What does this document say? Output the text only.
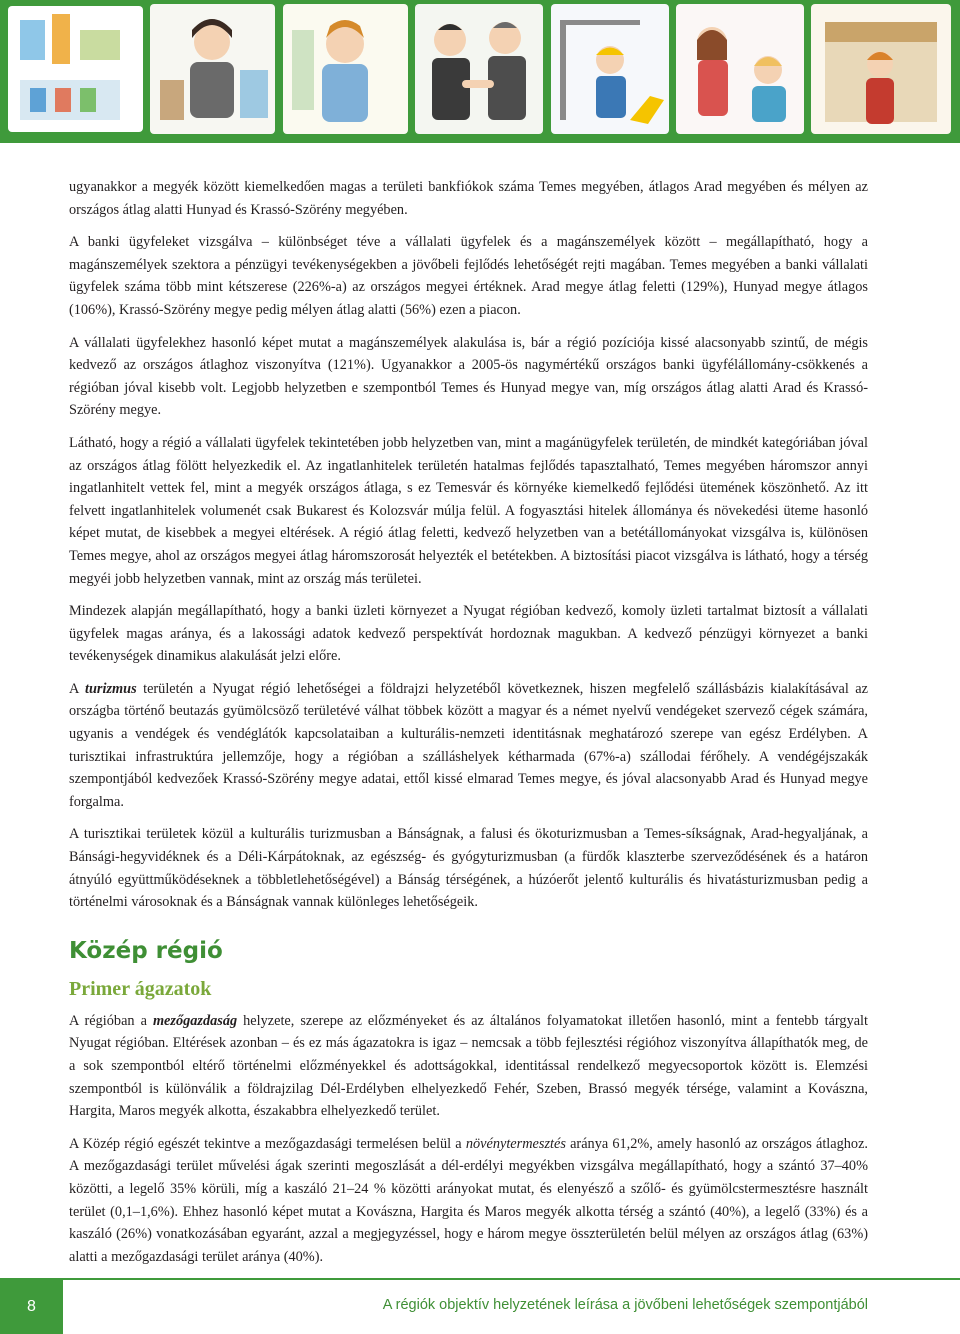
ugyanakkor a megyék között kiemelkedően magas a területi bankfiókok száma Temes megyében, átlagos Arad megyében és mélyen az országos átlag alatti Hunyad és Krassó-Szörény megyében.

A banki ügyfeleket vizsgálva – különbséget téve a vállalati ügyfelek és a magánszemélyek között – megállapítható, hogy a magánszemélyek szektora a pénzügyi tevékenységekben a jövőbeli fejlődés lehetőségét rejti magában. Temes megyében a banki vállalati ügyfelek száma több mint kétszerese (226%-a) az országos megyei értéknek. Arad megye átlag feletti (129%), Hunyad megye átlagos (106%), Krassó-Szörény megye pedig mélyen átlag alatti (56%) ezen a piacon.

A vállalati ügyfelekhez hasonló képet mutat a magánszemélyek alakulása is, bár a régió pozíciója kissé alacsonyabb szintű, de mégis kedvező az országos átlaghoz viszonyítva (121%). Ugyanakkor a 2005-ös nagymértékű országos banki ügyfélállomány-csökkenés a régióban jóval kisebb volt. Legjobb helyzetben e szempontból Temes és Hunyad megye van, míg országos átlag alatti Arad és Krassó-Szörény megye.

Látható, hogy a régió a vállalati ügyfelek tekintetében jobb helyzetben van, mint a magánügyfelek területén, de mindkét kategóriában jóval az országos átlag fölött helyezkedik el. Az ingatlanhitelek területén hatalmas fejlődés tapasztalható, Temes megyében háromszor annyi ingatlanhitelt vettek fel, mint a megyék országos átlaga, s ez Temesvár és környéke kiemelkedő fejlődési ütemének köszönhető. Az itt felvett ingatlanhitelek volumenét csak Bukarest és Kolozsvár múlja felül. A fogyasztási hitelek állománya és növekedési üteme hasonló képet mutat, de kisebbek a megyei eltérések. A régió átlag feletti, kedvező helyzetben van a betétállományokat vizsgálva is, különösen Temes megye, ahol az országos megyei átlag háromszorosát helyezték el betétekben. A biztosítási piacot vizsgálva is látható, hogy a térség megyéi jobb helyzetben vannak, mint az ország más területei.

Mindezek alapján megállapítható, hogy a banki üzleti környezet a Nyugat régióban kedvező, komoly üzleti tartalmat biztosít a vállalati ügyfelek magas aránya, és a lakossági adatok kedvező perspektívát hordoznak magukban. A kedvező pénzügyi környezet a banki tevékenységek dinamikus alakulását jelzi előre.

A turizmus területén a Nyugat régió lehetőségei a földrajzi helyzetéből következnek, hiszen megfelelő szállásbázis kialakításával az országba történő beutazás gyümölcsöző területévé válhat többek között a magyar és a német nyelvű vendégeket szervező cégek számára, ugyanis a vendégek és vendéglátók kapcsolataiban a kulturális-nemzeti identitásnak meghatározó szerepe van egész Erdélyben. A turisztikai infrastruktúra jellemzője, hogy a régióban a szálláshelyek kétharmada (67%-a) szállodai férőhely. A vendégéjszakák szempontjából kedvezőek Krassó-Szörény megye adatai, ettől kissé elmarad Temes megye, és jóval alacsonyabb Arad és Hunyad megye forgalma.

A turisztikai területek közül a kulturális turizmusban a Bánságnak, a falusi és ökoturizmusban a Temes-síkságnak, Arad-hegyaljának, a Bánsági-hegyvidéknek és a Déli-Kárpátoknak, az egészség- és gyógyturizmusban (a fürdők klaszterbe szerveződésének és a határon átnyúló együttműködéseknek a többletlehetőségével) a Bánság térségének, a húzóerőt jelentő kulturális és hivatásturizmusban pedig a történelmi városoknak és a Bánságnak vannak különleges lehetőségeik.

Közép régió
Primer ágazatok

A régióban a mezőgazdaság helyzete, szerepe az előzményeket és az általános folyamatokat illetően hasonló, mint a fentebb tárgyalt Nyugat régióban. Eltérések azonban – és ez más ágazatokra is igaz – nemcsak a több fejlesztési régióhoz viszonyítva állapíthatók meg, de a sok szempontból eltérő történelmi előzményekkel és adottságokkal, identitással rendelkező megyecsoportok között is. Elemzési szempontból is különválik a földrajzilag Dél-Erdélyben elhelyezkedő Fehér, Szeben, Brassó megyék térsége, valamint a Kovászna, Hargita, Maros megyék alkotta, északabbra elhelyezkedő terület.

A Közép régió egészét tekintve a mezőgazdasági termelésen belül a növénytermesztés aránya 61,2%, amely hasonló az országos átlaghoz. A mezőgazdasági terület művelési ágak szerinti megoszlását a dél-erdélyi megyékben vizsgálva megállapítható, hogy a szántó 37–40% közötti, a legelő 35% körüli, míg a kaszáló 21–24 % közötti arányokat mutat, és elenyésző a szőlő- és gyümölcstermesztésre használt terület (0,1–1,6%). Ehhez hasonló képet mutat a Kovászna, Hargita és Maros megyék alkotta térség a szántó (40%), a legelő (33%) és a kaszáló (26%) vonatkozásában egyaránt, azzal a megjegyzéssel, hogy e három megye összterületén belül mélyen az országos átlag (63%) alatti a mezőgazdasági terület aránya (40%).

8	A régiók objektív helyzetének leírása a jövőbeni lehetőségek szempontjából
